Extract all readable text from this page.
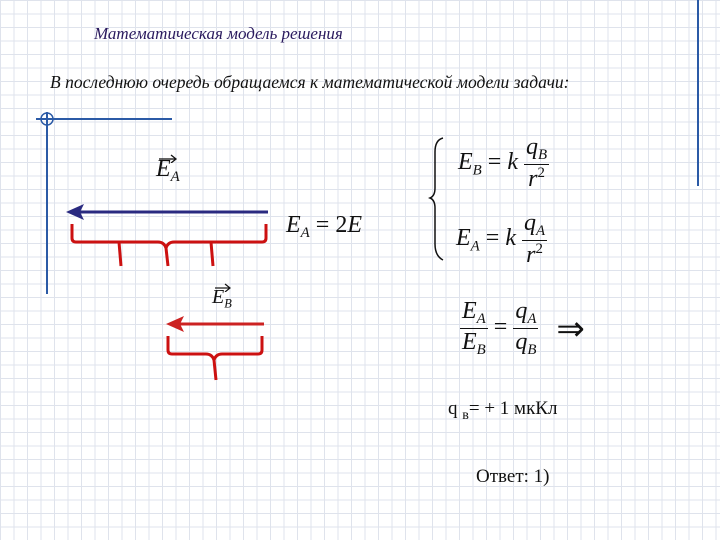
Математическая модель решения
В последнюю очередь обращаемся к математической модели задачи:
$E_А$
$E_А = 2E$
$E_В$
$E_В = k \frac{q_В}{r^2}$
$E_А = k \frac{q_А}{r^2}$
$\frac{E_А}{E_В} = \frac{q_А}{q_В}$ ⇒
q $_в$= + 1 мкКл
Ответ: 1)
